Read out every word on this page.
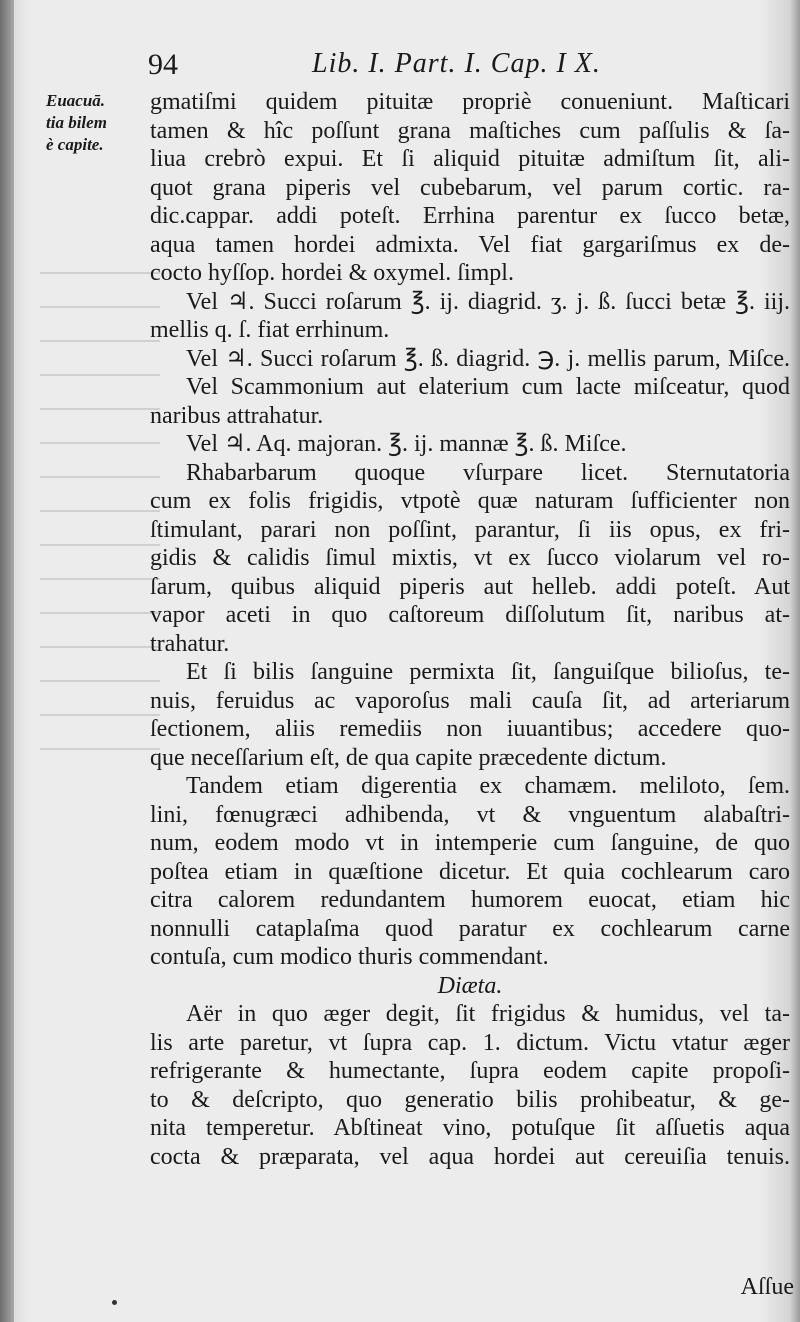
94	Lib. I. Part. I. Cap. I X.
Euacuā.
tia bilem
è capite.
gmatiſmi quidem pituitæ propriè conueniunt. Maſticari
tamen & hîc poſſunt grana maſtiches cum paſſulis & ſa-
liua crebrò expui. Et ſi aliquid pituitæ admiſtum ſit, ali-
quot grana piperis vel cubebarum, vel parum cortic. ra-
dic.cappar. addi poteſt. Errhina parentur ex ſucco betæ,
aqua tamen hordei admixta. Vel fiat gargariſmus ex de-
cocto hyſſop. hordei & oxymel. ſimpl.
Vel ♃. Succi roſarum ℥. ij. diagrid. ʒ. j. ß. ſucci betæ ℥. iij.
mellis q. ſ. fiat errhinum.
Vel ♃. Succi roſarum ℥. ß. diagrid. ℈. j. mellis parum, Miſce.
Vel Scammonium aut elaterium cum lacte miſceatur, quod
naribus attrahatur.
Vel ♃. Aq. majoran. ℥. ij. mannæ ℥. ß. Miſce.
Rhabarbarum quoque vſurpare licet. Sternutatoria
cum ex folis frigidis, vtpotè quæ naturam ſufficienter non
ſtimulant, parari non poſſint, parantur, ſi iis opus, ex fri-
gidis & calidis ſimul mixtis, vt ex ſucco violarum vel ro-
ſarum, quibus aliquid piperis aut helleb. addi poteſt. Aut
vapor aceti in quo caſtoreum diſſolutum ſit, naribus at-
trahatur.
Et ſi bilis ſanguine permixta ſit, ſanguiſque bilioſus, te-
nuis, feruidus ac vaporoſus mali cauſa ſit, ad arteriarum
ſectionem, aliis remediis non iuuantibus; accedere quo-
que neceſſarium eſt, de qua capite præcedente dictum.
Tandem etiam digerentia ex chamæm. meliloto, ſem.
lini, fœnugræci adhibenda, vt & vnguentum alabaſtri-
num, eodem modo vt in intemperie cum ſanguine, de quo
poſtea etiam in quæſtione dicetur. Et quia cochlearum caro
citra calorem redundantem humorem euocat, etiam hic
nonnulli cataplaſma quod paratur ex cochlearum carne
contuſa, cum modico thuris commendant.
Diæta.
Aër in quo æger degit, ſit frigidus & humidus, vel ta-
lis arte paretur, vt ſupra cap. 1. dictum. Victu vtatur æger
refrigerante & humectante, ſupra eodem capite propoſi-
to & deſcripto, quo generatio bilis prohibeatur, & ge-
nita temperetur. Abſtineat vino, potuſque ſit aſſuetis aqua
cocta & præparata, vel aqua hordei aut cereuiſia tenuis.
Aſſue
